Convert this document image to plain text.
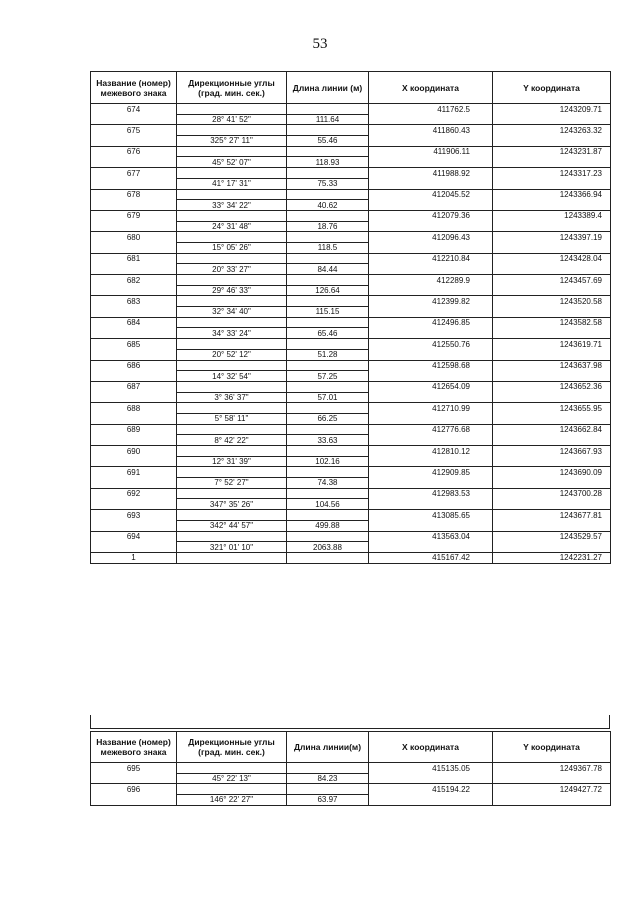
53
Название (номер) межевого знака	Дирекционные углы (град. мин. сек.)	Длина линии (м)	X координата	Y координата
674			411762.5	1243209.71
	28° 41' 52"	111.64		
675			411860.43	1243263.32
	325° 27' 11"	55.46		
676			411906.11	1243231.87
	45° 52' 07"	118.93		
677			411988.92	1243317.23
	41° 17' 31"	75.33		
678			412045.52	1243366.94
	33° 34' 22"	40.62		
679			412079.36	1243389.4
	24° 31' 48"	18.76		
680			412096.43	1243397.19
	15° 05' 26"	118.5		
681			412210.84	1243428.04
	20° 33' 27"	84.44		
682			412289.9	1243457.69
	29° 46' 33"	126.64		
683			412399.82	1243520.58
	32° 34' 40"	115.15		
684			412496.85	1243582.58
	34° 33' 24"	65.46		
685			412550.76	1243619.71
	20° 52' 12"	51.28		
686			412598.68	1243637.98
	14° 32' 54"	57.25		
687			412654.09	1243652.36
	3° 36' 37"	57.01		
688			412710.99	1243655.95
	5° 58' 11"	66.25		
689			412776.68	1243662.84
	8° 42' 22"	33.63		
690			412810.12	1243667.93
	12° 31' 39"	102.16		
691			412909.85	1243690.09
	7° 52' 27"	74.38		
692			412983.53	1243700.28
	347° 35' 26"	104.56		
693			413085.65	1243677.81
	342° 44' 57"	499.88		
694			413563.04	1243529.57
	321° 01' 10"	2063.88		
1			415167.42	1242231.27
Название (номер) межевого знака	Дирекционные углы (град. мин. сек.)	Длина линии(м)	X координата	Y координата
695			415135.05	1249367.78
	45° 22' 13"	84.23		
696			415194.22	1249427.72
	146° 22' 27"	63.97		
